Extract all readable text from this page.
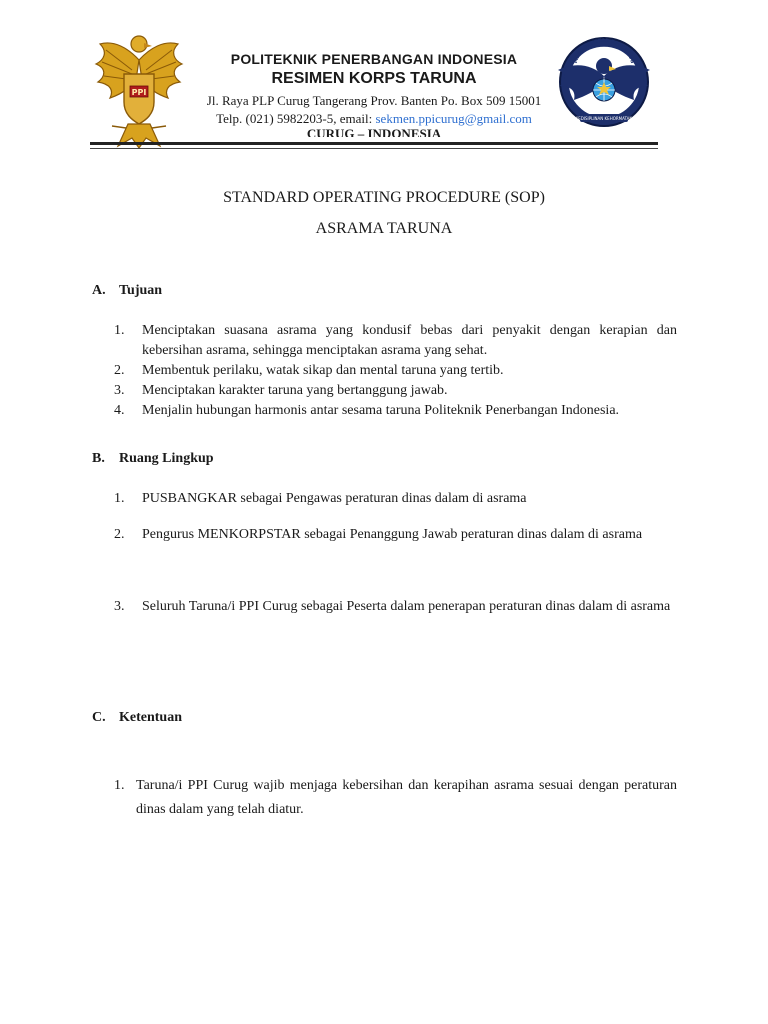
PPI
POLITEKNIK PENERBANGAN INDONESIA
RESIMEN KORPS TARUNA
Jl. Raya PLP Curug Tangerang Prov. Banten Po. Box 509 15001
Telp. (021) 5982203-5, email: sekmen.ppicurug@gmail.com
CURUG – INDONESIA
MENKORPSTAR PPI CURUG
KEDISIPLINAN KEHORMATAN
STANDARD OPERATING PROCEDURE (SOP)
ASRAMA TARUNA
A. Tujuan
1.	Menciptakan suasana asrama yang kondusif bebas dari penyakit dengan kerapian dan kebersihan asrama, sehingga menciptakan asrama yang sehat.
2.	Membentuk perilaku, watak sikap dan mental taruna yang tertib.
3.	Menciptakan karakter taruna yang bertanggung jawab.
4.	Menjalin hubungan harmonis antar sesama taruna Politeknik Penerbangan Indonesia.
B. Ruang Lingkup
1.	PUSBANGKAR sebagai Pengawas peraturan dinas dalam di asrama
2.	Pengurus MENKORPSTAR sebagai Penanggung Jawab peraturan dinas dalam di asrama
3.	Seluruh Taruna/i PPI Curug sebagai Peserta dalam penerapan peraturan dinas dalam di asrama
C. Ketentuan
1. Taruna/i PPI Curug wajib menjaga kebersihan dan kerapihan asrama sesuai dengan peraturan dinas dalam yang telah diatur.
